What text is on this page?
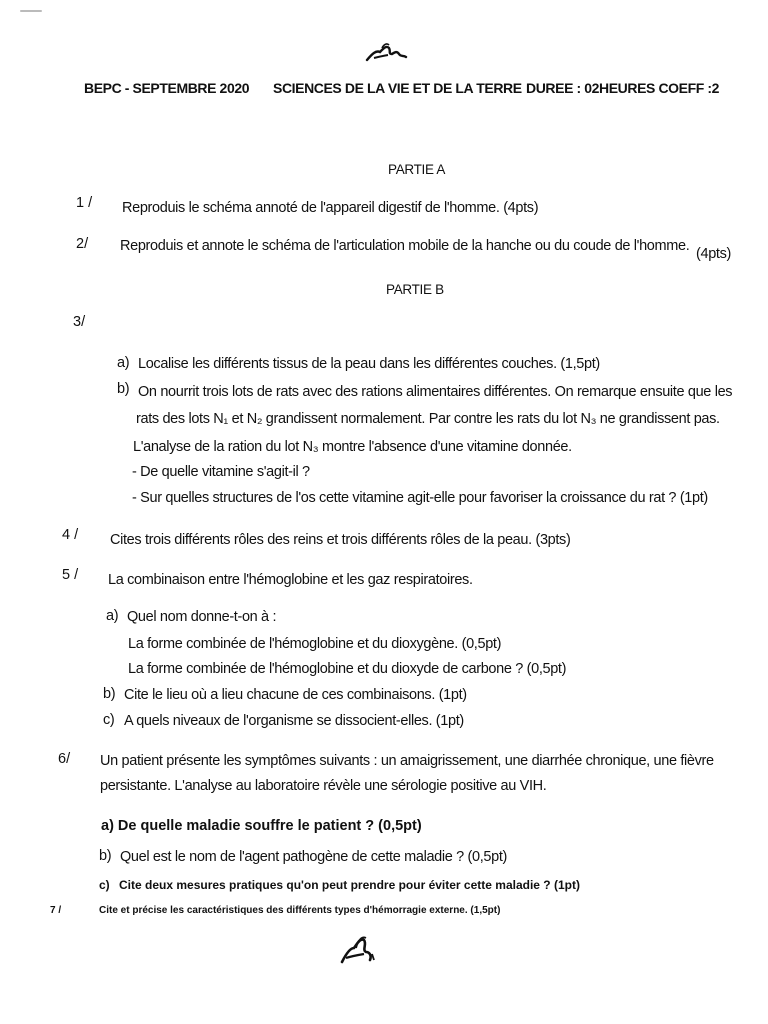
BEPC - SEPTEMBRE 2020 SCIENCES DE LA VIE ET DE LA TERRE DUREE : 02HEURES COEFF :2
PARTIE A
1 / Reproduis le schéma annoté de l'appareil digestif de l'homme. (4pts)
2/ Reproduis et annote le schéma de l'articulation mobile de la hanche ou du coude de l'homme. (4pts)
PARTIE B
3/
a) Localise les différents tissus de la peau dans les différentes couches. (1,5pt)
b) On nourrit trois lots de rats avec des rations alimentaires différentes. On remarque ensuite que les
rats des lots N₁ et N₂ grandissent normalement. Par contre les rats du lot N₃ ne grandissent pas.
L'analyse de la ration du lot N₃ montre l'absence d'une vitamine donnée.
- De quelle vitamine s'agit-il ?
- Sur quelles structures de l'os cette vitamine agit-elle pour favoriser la croissance du rat ? (1pt)
4 / Cites trois différents rôles des reins et trois différents rôles de la peau. (3pts)
5 / La combinaison entre l'hémoglobine et les gaz respiratoires.
a) Quel nom donne-t-on à :
La forme combinée de l'hémoglobine et du dioxygène. (0,5pt)
La forme combinée de l'hémoglobine et du dioxyde de carbone ? (0,5pt)
b) Cite le lieu où a lieu chacune de ces combinaisons. (1pt)
c) A quels niveaux de l'organisme se dissocient-elles. (1pt)
6/ Un patient présente les symptômes suivants : un amaigrissement, une diarrhée chronique, une fièvre
persistante. L'analyse au laboratoire révèle une sérologie positive au VIH.
a) De quelle maladie souffre le patient ? (0,5pt)
b) Quel est le nom de l'agent pathogène de cette maladie ? (0,5pt)
c) Cite deux mesures pratiques qu'on peut prendre pour éviter cette maladie ? (1pt)
7 /	Cite et précise les caractéristiques des différents types d'hémorragie externe. (1,5pt)
